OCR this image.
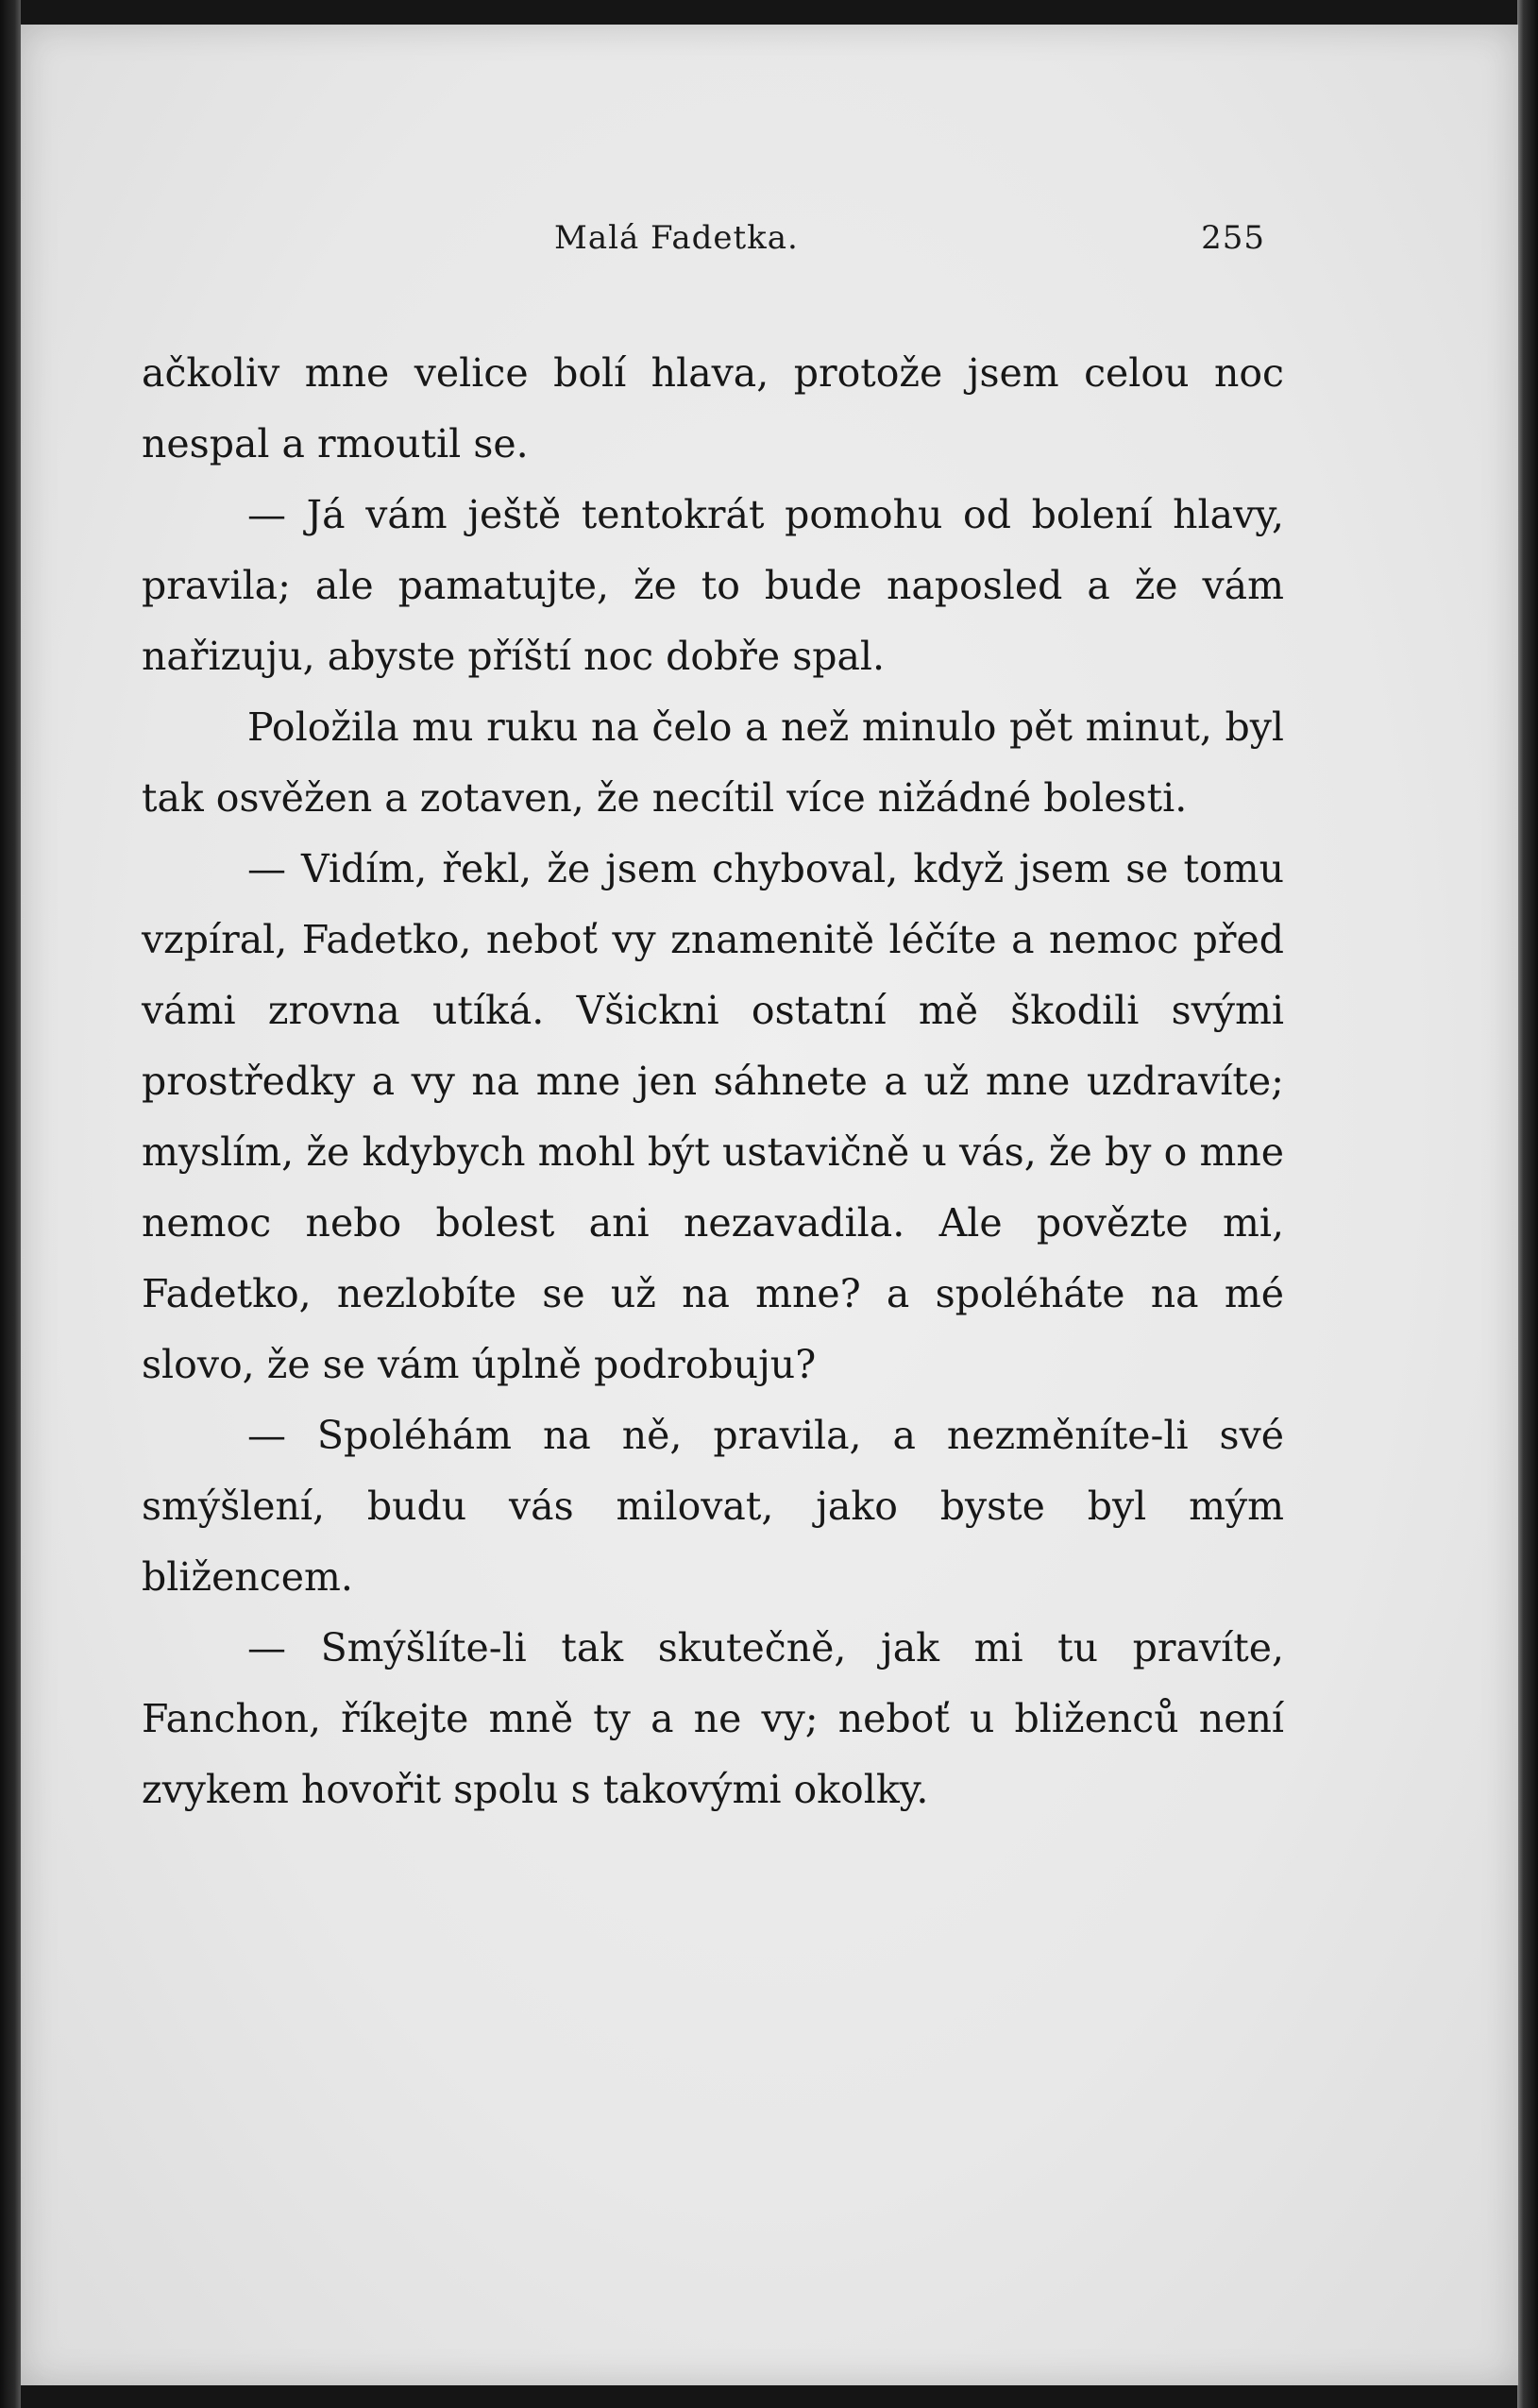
Malá Fadetka.	255

ačkoliv mne velice bolí hlava, protože jsem celou noc nespal a rmoutil se.

— Já vám ještě tentokrát pomohu od bolení hlavy, pravila; ale pamatujte, že to bude naposled a že vám nařizuju, abyste příští noc dobře spal.

Položila mu ruku na čelo a než minulo pět minut, byl tak osvěžen a zotaven, že necítil více nižádné bolesti.

— Vidím, řekl, že jsem chyboval, když jsem se tomu vzpíral, Fadetko, neboť vy znamenitě léčíte a nemoc před vámi zrovna utíká. Všickni ostatní mě škodili svými prostředky a vy na mne jen sáhnete a už mne uzdravíte; myslím, že kdybych mohl být ustavičně u vás, že by o mne nemoc nebo bolest ani nezavadila. Ale povězte mi, Fadetko, nezlobíte se už na mne? a spoléháte na mé slovo, že se vám úplně podrobuju?

— Spoléhám na ně, pravila, a nezměníte-li své smýšlení, budu vás milovat, jako byste byl mým bližencem.

— Smýšlíte-li tak skutečně, jak mi tu pravíte, Fanchon, říkejte mně ty a ne vy; neboť u bliženců není zvykem hovořit spolu s takovými okolky.
